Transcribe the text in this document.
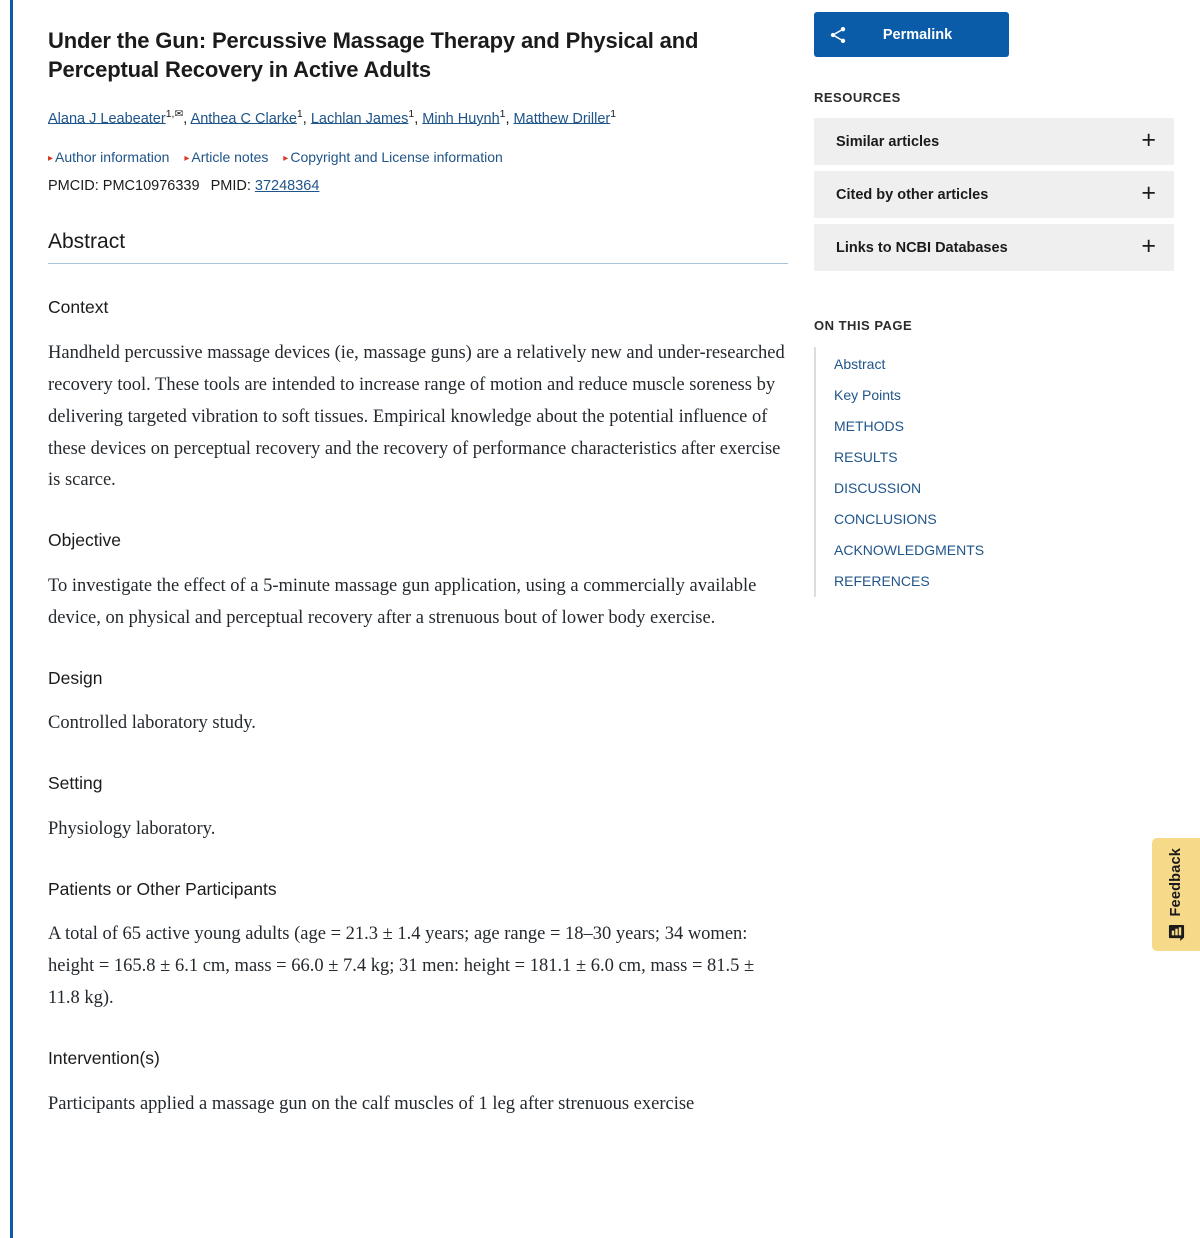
Under the Gun: Percussive Massage Therapy and Physical and Perceptual Recovery in Active Adults
Alana J Leabeater$^{1,✉}$, Anthea C Clarke$^1$, Lachlan James$^1$, Minh Huynh$^1$, Matthew Driller$^1$
▸ Author information ▸ Article notes ▸ Copyright and License information
PMCID: PMC10976339 PMID: 37248364
Abstract
Context

Handheld percussive massage devices (ie, massage guns) are a relatively new and under-researched recovery tool. These tools are intended to increase range of motion and reduce muscle soreness by delivering targeted vibration to soft tissues. Empirical knowledge about the potential influence of these devices on perceptual recovery and the recovery of performance characteristics after exercise is scarce.

Objective

To investigate the effect of a 5-minute massage gun application, using a commercially available device, on physical and perceptual recovery after a strenuous bout of lower body exercise.

Design

Controlled laboratory study.

Setting

Physiology laboratory.

Patients or Other Participants

A total of 65 active young adults (age = 21.3 ± 1.4 years; age range = 18–30 years; 34 women: height = 165.8 ± 6.1 cm, mass = 66.0 ± 7.4 kg; 31 men: height = 181.1 ± 6.0 cm, mass = 81.5 ± 11.8 kg).

Intervention(s)

Participants applied a massage gun on the calf muscles of 1 leg after strenuous exercise

Permalink
RESOURCES
Similar articles	+
Cited by other articles	+
Links to NCBI Databases	+
ON THIS PAGE
Abstract
Key Points
METHODS
RESULTS
DISCUSSION
CONCLUSIONS
ACKNOWLEDGMENTS
REFERENCES
Feedback
